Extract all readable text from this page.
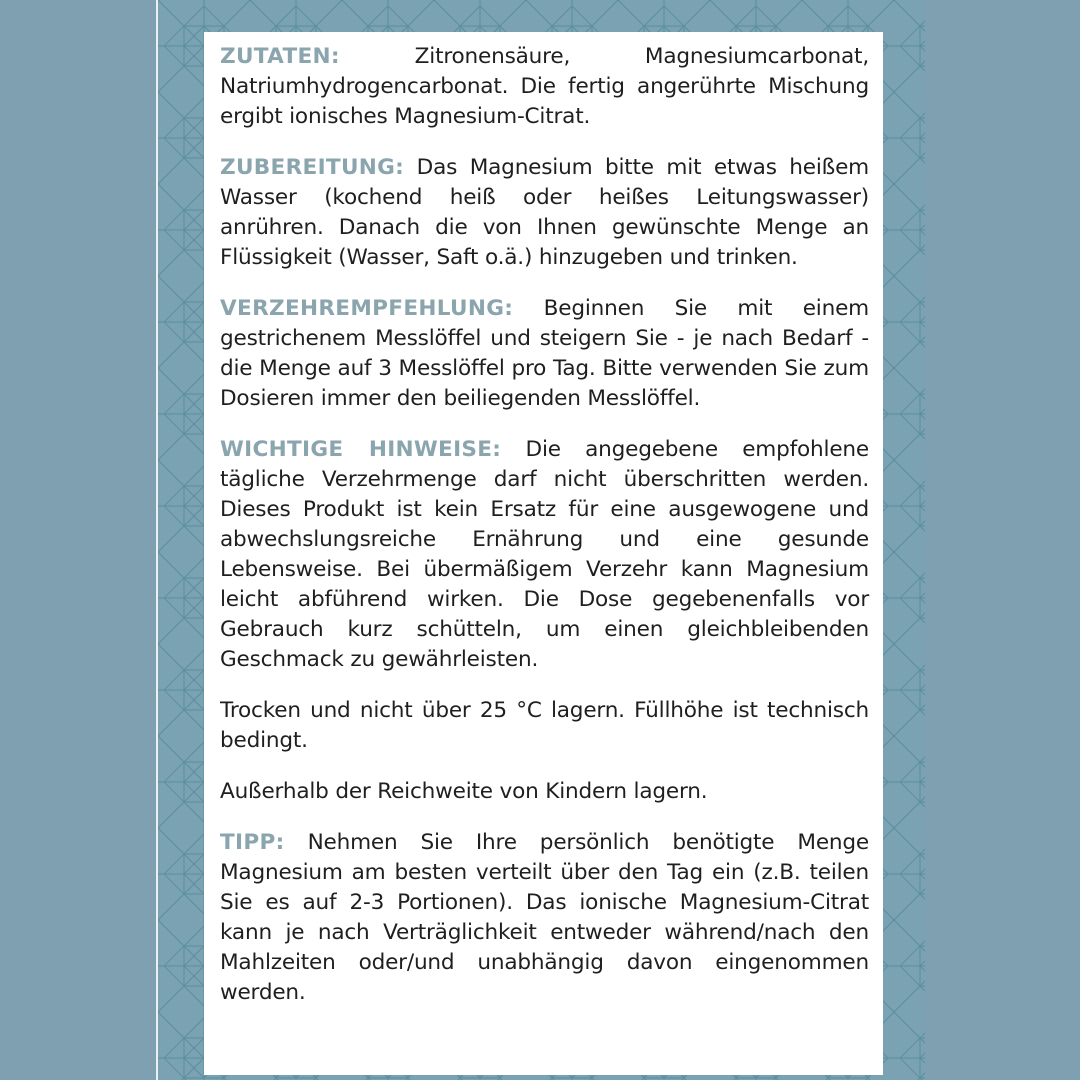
ZUTATEN:	Zitronensäure, Magnesiumcarbonat, Natriumhydrogencarbonat. Die fertig angerührte Mischung ergibt ionisches Magnesium-Citrat.

ZUBEREITUNG: Das Magnesium bitte mit etwas heißem Wasser (kochend heiß oder heißes Leitungswasser) anrühren. Danach die von Ihnen gewünschte Menge an Flüssigkeit (Wasser, Saft o.ä.) hinzugeben und trinken.

VERZEHREMPFEHLUNG: Beginnen Sie mit einem gestrichenem Messlöffel und steigern Sie - je nach Bedarf - die Menge auf 3 Messlöffel pro Tag. Bitte verwenden Sie zum Dosieren immer den beiliegenden Messlöffel.

WICHTIGE HINWEISE: Die angegebene empfohlene tägliche Verzehrmenge darf nicht überschritten werden. Dieses Produkt ist kein Ersatz für eine ausgewogene und abwechslungsreiche Ernährung und eine gesunde Lebensweise. Bei übermäßigem Verzehr kann Magnesium leicht abführend wirken. Die Dose gegebenenfalls vor Gebrauch kurz schütteln, um einen gleichbleibenden Geschmack zu gewährleisten.

Trocken und nicht über 25 °C lagern. Füllhöhe ist technisch bedingt.

Außerhalb der Reichweite von Kindern lagern.

TIPP: Nehmen Sie Ihre persönlich benötigte Menge Magnesium am besten verteilt über den Tag ein (z.B. teilen Sie es auf 2-3 Portionen). Das ionische Magnesium-Citrat kann je nach Verträglichkeit entweder während/nach den Mahlzeiten oder/und unabhängig davon eingenommen werden.
